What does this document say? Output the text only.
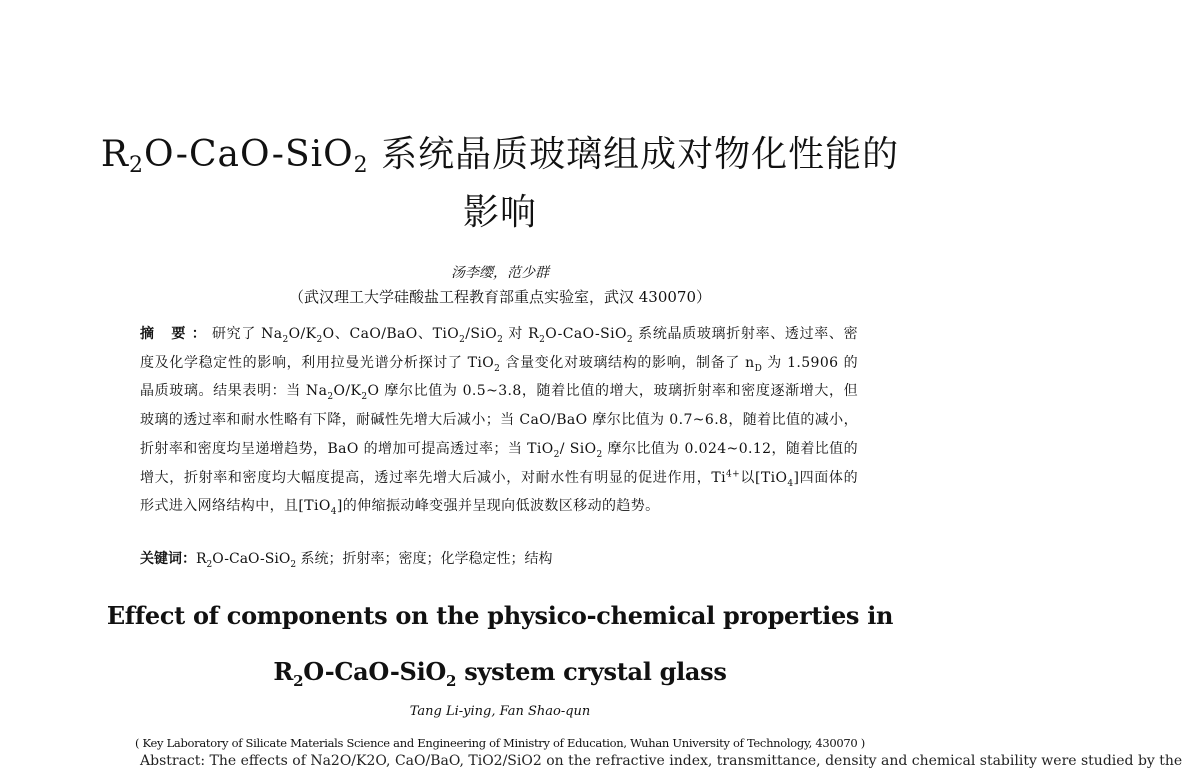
$R_2O-CaO-SiO_2$ 系统晶质玻璃组成对物化性能的
影响
汤李缨，范少群
（武汉理工大学硅酸盐工程教育部重点实验室，武汉 430070）
摘 要：研究了 $Na_2O/K_2O$、CaO/BaO、TiO$_2$/SiO$_2$ 对 $R_2O-CaO-SiO_2$ 系统晶质玻璃折射率、透过率、密度及化学稳定性的影响，利用拉曼光谱分析探讨了 TiO$_2$ 含量变化对玻璃结构的影响，制备了 $n_D$ 为 1.5906 的晶质玻璃。结果表明：当 $Na_2O/K_2O$ 摩尔比值为 0.5~3.8，随着比值的增大，玻璃折射率和密度逐渐增大，但玻璃的透过率和耐水性略有下降，耐碱性先增大后减小；当 CaO/BaO 摩尔比值为 0.7~6.8，随着比值的减小，折射率和密度均呈递增趋势，BaO 的增加可提高透过率；当 TiO$_2$/ SiO$_2$ 摩尔比值为 0.024~0.12，随着比值的增大，折射率和密度均大幅度提高，透过率先增大后减小，对耐水性有明显的促进作用，$Ti^{4+}$以[TiO$_4$]四面体的形式进入网络结构中，且[TiO$_4$]的伸缩振动峰变强并呈现向低波数区移动的趋势。
关键词：$R_2O-CaO-SiO_2$ 系统；折射率；密度；化学稳定性；结构
Effect of components on the physico-chemical properties in
$R_2O-CaO-SiO_2$ system crystal glass
Tang Li-ying, Fan Shao-qun
( Key Laboratory of Silicate Materials Science and Engineering of Ministry of Education, Wuhan University of Technology, 430070 )
Abstract: The effects of Na2O/K2O, CaO/BaO, TiO2/SiO2 on the refractive index, transmittance, density and chemical stability were studied by the
